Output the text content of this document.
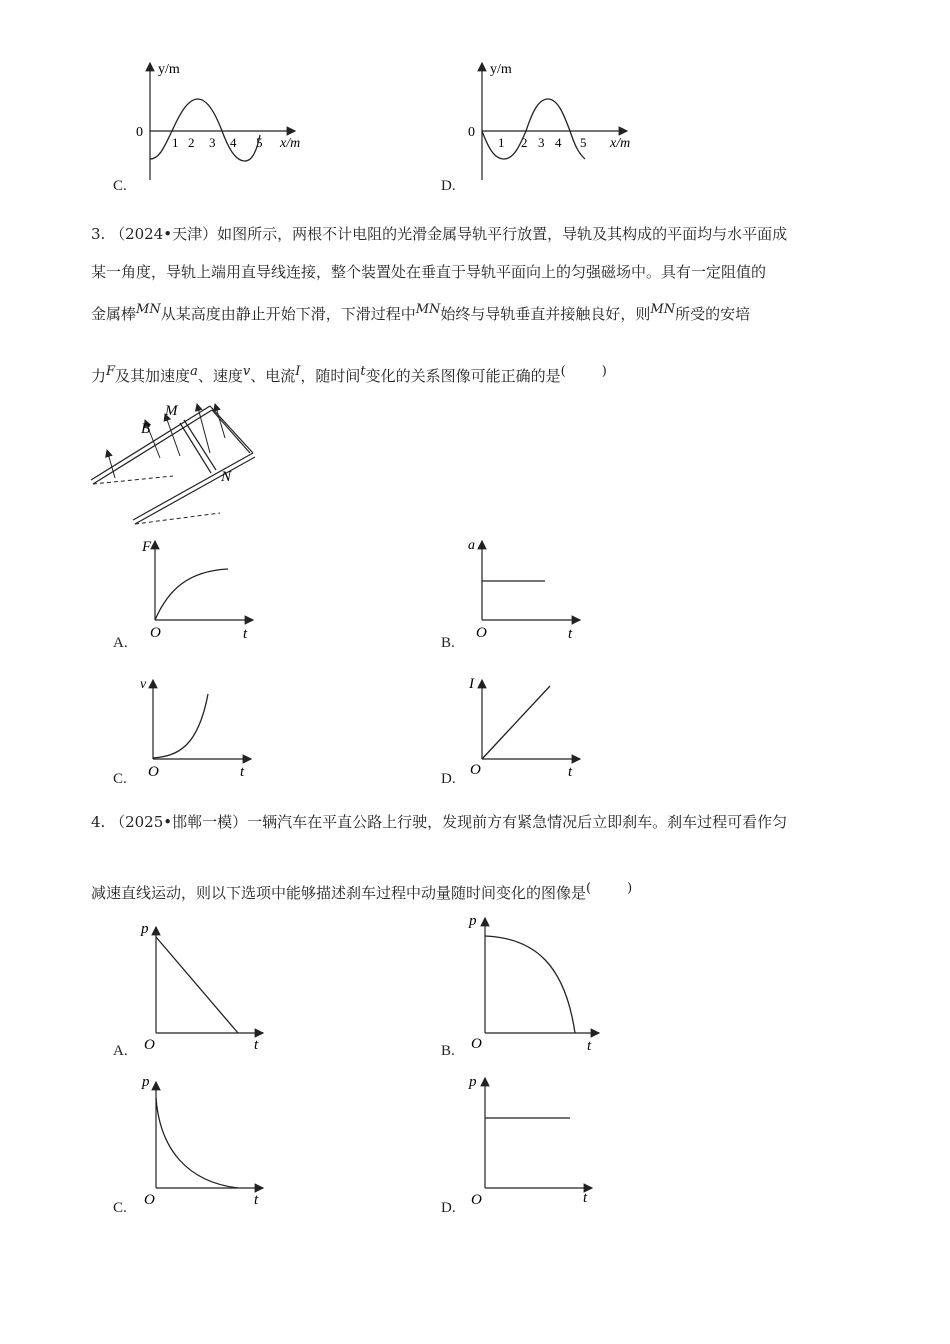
y/m
0
x/m
1 2 3 4 5
C.
y/m
0
x/m
1 2 3 4 5
D.
3. （2024•天津）如图所示，两根不计电阻的光滑金属导轨平行放置，导轨及其构成的平面均与水平面成
某一角度，导轨上端用直导线连接，整个装置处在垂直于导轨平面向上的匀强磁场中。具有一定阻值的
金属棒$^{MN}$从某高度由静止开始下滑，下滑过程中$^{MN}$始终与导轨垂直并接触良好，则$^{MN}$所受的安培
力$^F$及其加速度$^a$、速度$^v$、电流$^I$，随时间$^t$变化的关系图像可能正确的是(	)
M
B
N
F
O	t
A.
a
O	t
B.
v
O	t
C.
I
O	t
D.
4. （2025•邯郸一模）一辆汽车在平直公路上行驶，发现前方有紧急情况后立即刹车。刹车过程可看作匀
减速直线运动，则以下选项中能够描述刹车过程中动量随时间变化的图像是(	)
p
O	t
A.
p
O	t
B.
p
O	t
C.
p
O	t
D.
